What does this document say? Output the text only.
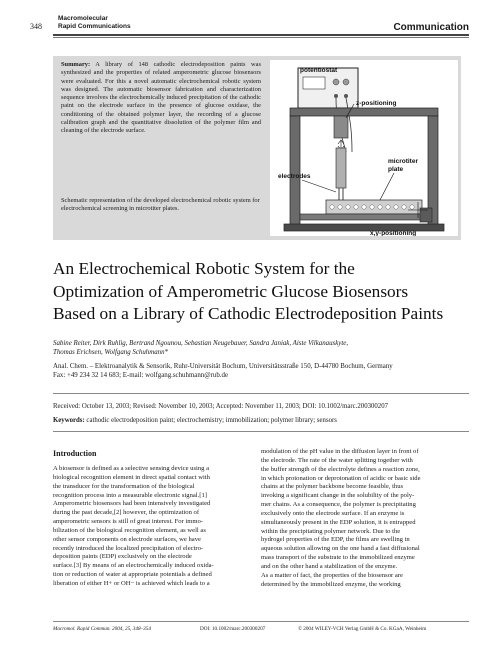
348
Macromolecular
Rapid Communications	Communication
Summary: A library of 148 cathodic electrodeposition paints was synthesized and the properties of related amperometric glucose biosensors were evaluated. For this a novel automatic electrochemical robotic system was designed. The automatic biosensor fabrication and characterization sequence involves the electrochemically induced precipitation of the cathodic paint on the electrode surface in the presence of glucose oxidase, the conditioning of the obtained polymer layer, the recording of a glucose calibration graph and the quantitative dissolution of the polymer film and cleaning of the electrode surface.
Schematic representation of the developed electrochemical robotic system for electrochemical screening in microtiter plates.
potentiostat
z-positioning
electrodes
microtiter
plate
x,y-positioning
An Electrochemical Robotic System for the
Optimization of Amperometric Glucose Biosensors
Based on a Library of Cathodic Electrodeposition Paints
Sabine Reiter, Dirk Ruhlig, Bertrand Ngounou, Sebastian Neugebauer, Sandra Janiak, Aiste Vilkanauskyte,
Thomas Erichsen, Wolfgang Schuhmann*
Anal. Chem. – Elektroanalytik & Sensorik, Ruhr-Universität Bochum, Universitätsstraße 150, D-44780 Bochum, Germany
Fax: +49 234 32 14 683; E-mail: wolfgang.schuhmann@rub.de
Received: October 13, 2003; Revised: November 10, 2003; Accepted: November 11, 2003; DOI: 10.1002/marc.200300207
Keywords: cathodic electrodeposition paint; electrochemistry; immobilization; polymer library; sensors
Introduction
A biosensor is defined as a selective sensing device using a
biological recognition element in direct spatial contact with
the transducer for the transformation of the biological
recognition process into a measurable electronic signal.[1]
Amperometric biosensors had been intensively investigated
during the past decade,[2] however, the optimization of
amperometric sensors is still of great interest. For immo-
bilization of the biological recognition element, as well as
other sensor components on electrode surfaces, we have
recently introduced the localized precipitation of electro-
deposition paints (EDP) exclusively on the electrode
surface.[3] By means of an electrochemically induced oxida-
tion or reduction of water at appropriate potentials a defined
liberation of either H+ or OH− is achieved which leads to a
modulation of the pH value in the diffusion layer in front of
the electrode. The rate of the water splitting together with
the buffer strength of the electrolyte defines a reaction zone,
in which protonation or deprotonation of acidic or basic side
chains at the polymer backbone become feasible, thus
invoking a significant change in the solubility of the poly-
mer chains. As a consequence, the polymer is precipitating
exclusively onto the electrode surface. If an enzyme is
simultaneously present in the EDP solution, it is entrapped
within the precipitating polymer network. Due to the
hydrogel properties of the EDP, the films are swelling in
aqueous solution allowing on the one hand a fast diffusional
mass transport of the substrate to the immobilized enzyme
and on the other hand a stabilization of the enzyme.
As a matter of fact, the properties of the biosensor are
determined by the immobilized enzyme, the working
Macromol. Rapid Commun. 2004, 25, 348–354	DOI: 10.1002/marc.200300207	© 2004 WILEY-VCH Verlag GmbH & Co. KGaA, Weinheim
